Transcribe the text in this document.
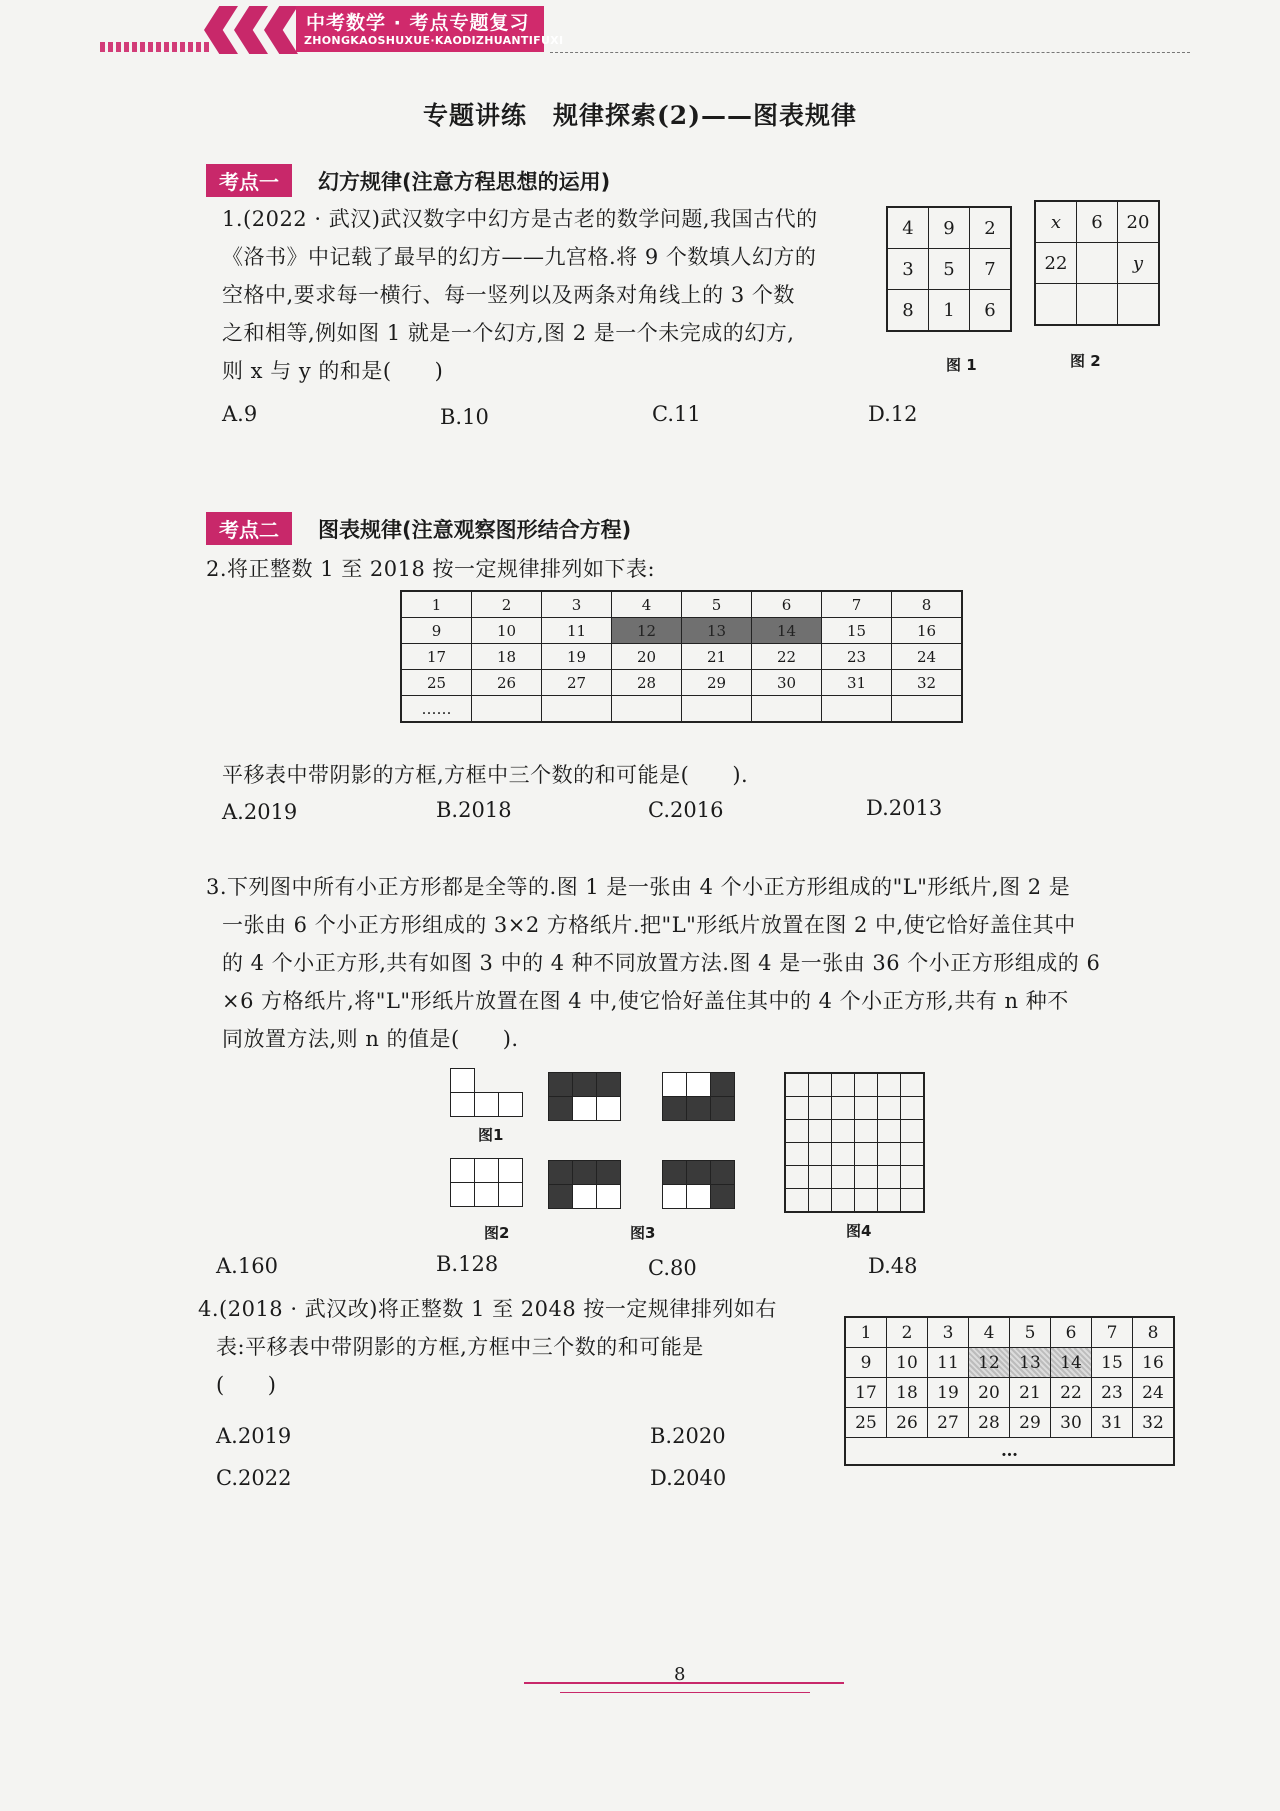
中考数学 · 考点专题复习
ZHONGKAOSHUXUE·KAODIZHUANTIFUXI
专题讲练　规律探索(2)——图表规律
考点一	幻方规律(注意方程思想的运用)
1.(2022 · 武汉)武汉数字中幻方是古老的数学问题,我国古代的
《洛书》中记载了最早的幻方——九宫格.将 9 个数填人幻方的
空格中,要求每一横行、每一竖列以及两条对角线上的 3 个数
之和相等,例如图 1 就是一个幻方,图 2 是一个未完成的幻方,
则 x 与 y 的和是(　　)
A.9	B.10	C.11	D.12
4	9	2
3	5	7
8	1	6
图 1
x	6	20
22		y

图 2
考点二	图表规律(注意观察图形结合方程)
2.将正整数 1 至 2018 按一定规律排列如下表:
1	2	3	4	5	6	7	8
9	10	11	12	13	14	15	16
17	18	19	20	21	22	23	24
25	26	27	28	29	30	31	32
……							
平移表中带阴影的方框,方框中三个数的和可能是(　　).
A.2019	B.2018	C.2016	D.2013
3.下列图中所有小正方形都是全等的.图 1 是一张由 4 个小正方形组成的"L"形纸片,图 2 是
一张由 6 个小正方形组成的 3×2 方格纸片.把"L"形纸片放置在图 2 中,使它恰好盖住其中
的 4 个小正方形,共有如图 3 中的 4 种不同放置方法.图 4 是一张由 36 个小正方形组成的 6
×6 方格纸片,将"L"形纸片放置在图 4 中,使它恰好盖住其中的 4 个小正方形,共有 n 种不
同放置方法,则 n 的值是(　　).
图1
图2	图3

						图4
A.160	B.128	C.80	D.48
4.(2018 · 武汉改)将正整数 1 至 2048 按一定规律排列如右
表:平移表中带阴影的方框,方框中三个数的和可能是
(　　)
1	2	3	4	5	6	7	8
9	10	11	12	13	14	15	16
17	18	19	20	21	22	23	24
25	26	27	28	29	30	31	32
…							
A.2019	B.2020
C.2022	D.2040
8
